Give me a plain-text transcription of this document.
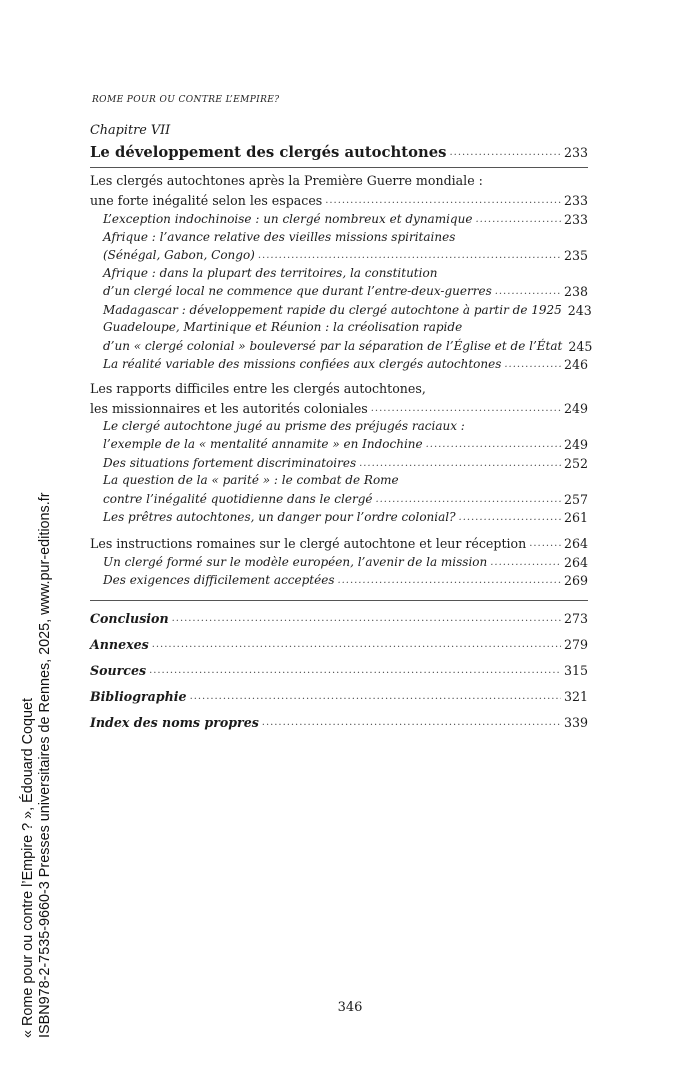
ROME POUR OU CONTRE L’EMPIRE?
Chapitre VII
Le développement des clergés autochtones . . .	233
Les clergés autochtones après la Première Guerre mondiale :
une forte inégalité selon les espaces . . .	233
L’exception indochinoise : un clergé nombreux et dynamique . . .	233
Afrique : l’avance relative des vieilles missions spiritaines
(Sénégal, Gabon, Congo) . . .	235
Afrique : dans la plupart des territoires, la constitution
d’un clergé local ne commence que durant l’entre-deux-guerres . . .	238
Madagascar : développement rapide du clergé autochtone à partir de 1925 243
Guadeloupe, Martinique et Réunion : la créolisation rapide
d’un « clergé colonial » bouleversé par la séparation de l’Église et de l’État 245
La réalité variable des missions confiées aux clergés autochtones . . .	246
Les rapports difficiles entre les clergés autochtones,
les missionnaires et les autorités coloniales . . .	249
Le clergé autochtone jugé au prisme des préjugés raciaux :
l’exemple de la « mentalité annamite » en Indochine . . .	249
Des situations fortement discriminatoires . . .	252
La question de la « parité » : le combat de Rome
contre l’inégalité quotidienne dans le clergé . . .	257
Les prêtres autochtones, un danger pour l’ordre colonial? . . .	261
Les instructions romaines sur le clergé autochtone et leur réception . . .	264
Un clergé formé sur le modèle européen, l’avenir de la mission . . .	264
Des exigences difficilement acceptées . . .	269
Conclusion . . .	273
Annexes . . .	279
Sources . . .	315
Bibliographie . . .	321
Index des noms propres . . .	339
346
« Rome pour ou contre l’Empire ? », Édouard Coquet ISBN978-2-7535-9660-3 Presses universitaires de Rennes, 2025, www.pur-editions.fr
